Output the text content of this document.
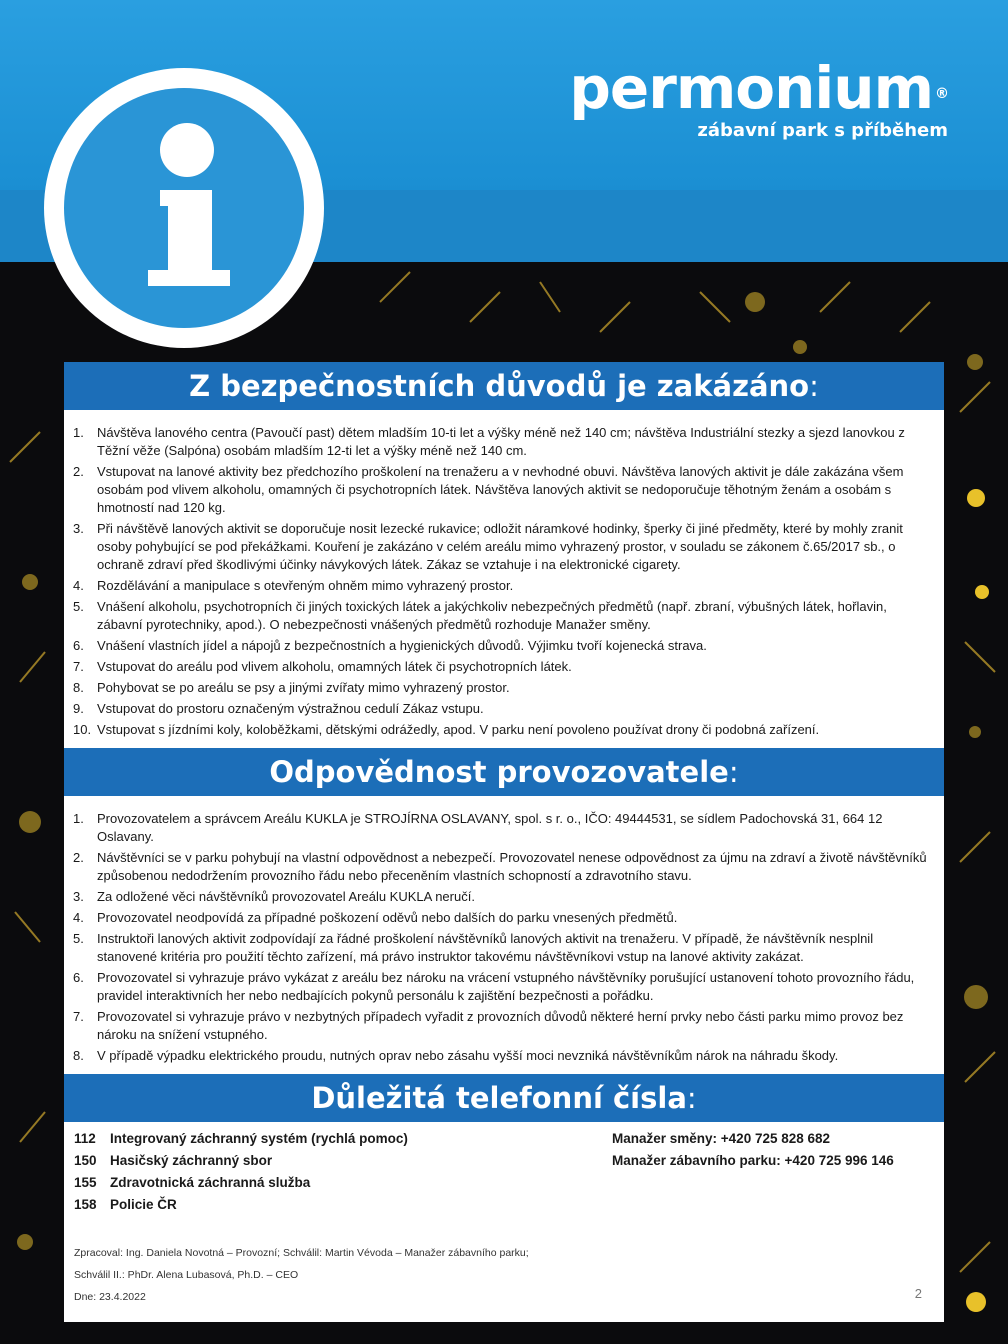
permonium ®
zábavní park s příběhem
Z bezpečnostních důvodů je zakázáno:
1. Návštěva lanového centra (Pavoučí past) dětem mladším 10-ti let a výšky méně než 140 cm; návštěva Industriální stezky a sjezd lanovkou z Těžní věže (Salpóna) osobám mladším 12-ti let a výšky méně než 140 cm.
2. Vstupovat na lanové aktivity bez předchozího proškolení na trenažeru a v nevhodné obuvi. Návštěva lanových aktivit je dále zakázána všem osobám pod vlivem alkoholu, omamných či psychotropních látek. Návštěva lanových aktivit se nedoporučuje těhotným ženám a osobám s hmotností nad 120 kg.
3. Při návštěvě lanových aktivit se doporučuje nosit lezecké rukavice; odložit náramkové hodinky, šperky či jiné předměty, které by mohly zranit osoby pohybující se pod překážkami. Kouření je zakázáno v celém areálu mimo vyhrazený prostor, v souladu se zákonem č.65/2017 sb., o ochraně zdraví před škodlivými účinky návykových látek. Zákaz se vztahuje i na elektronické cigarety.
4. Rozdělávání a manipulace s otevřeným ohněm mimo vyhrazený prostor.
5. Vnášení alkoholu, psychotropních či jiných toxických látek a jakýchkoliv nebezpečných předmětů (např. zbraní, výbušných látek, hořlavin, zábavní pyrotechniky, apod.). O nebezpečnosti vnášených předmětů rozhoduje Manažer směny.
6. Vnášení vlastních jídel a nápojů z bezpečnostních a hygienických důvodů. Výjimku tvoří kojenecká strava.
7. Vstupovat do areálu pod vlivem alkoholu, omamných látek či psychotropních látek.
8. Pohybovat se po areálu se psy a jinými zvířaty mimo vyhrazený prostor.
9. Vstupovat do prostoru označeným výstražnou cedulí Zákaz vstupu.
10. Vstupovat s jízdními koly, koloběžkami, dětskými odrážedly, apod. V parku není povoleno používat drony či podobná zařízení.
Odpovědnost provozovatele:
1. Provozovatelem a správcem Areálu KUKLA je STROJÍRNA OSLAVANY, spol. s r. o., IČO: 49444531, se sídlem Padochovská 31, 664 12 Oslavany.
2. Návštěvníci se v parku pohybují na vlastní odpovědnost a nebezpečí. Provozovatel nenese odpovědnost za újmu na zdraví a životě návštěvníků způsobenou nedodržením provozního řádu nebo přeceněním vlastních schopností a zdravotního stavu.
3. Za odložené věci návštěvníků provozovatel Areálu KUKLA neručí.
4. Provozovatel neodpovídá za případné poškození oděvů nebo dalších do parku vnesených předmětů.
5. Instruktoři lanových aktivit zodpovídají za řádné proškolení návštěvníků lanových aktivit na trenažeru. V případě, že návštěvník nesplnil stanovené kritéria pro použití těchto zařízení, má právo instruktor takovému návštěvníkovi vstup na lanové aktivity zakázat.
6. Provozovatel si vyhrazuje právo vykázat z areálu bez nároku na vrácení vstupného návštěvníky porušující ustanovení tohoto provozního řádu, pravidel interaktivních her nebo nedbajících pokynů personálu k zajištění bezpečnosti a pořádku.
7. Provozovatel si vyhrazuje právo v nezbytných případech vyřadit z provozních důvodů některé herní prvky nebo části parku mimo provoz bez nároku na snížení vstupného.
8. V případě výpadku elektrického proudu, nutných oprav nebo zásahu vyšší moci nevzniká návštěvníkům nárok na náhradu škody.
Důležitá telefonní čísla:
112 Integrovaný záchranný systém (rychlá pomoc)
150 Hasičský záchranný sbor
155 Zdravotnická záchranná služba
158 Policie ČR
Manažer směny: +420 725 828 682
Manažer zábavního parku: +420 725 996 146
Zpracoval: Ing. Daniela Novotná – Provozní; Schválil: Martin Vévoda – Manažer zábavního parku;
Schválil II.: PhDr. Alena Lubasová, Ph.D. – CEO
Dne: 23.4.2022	2
